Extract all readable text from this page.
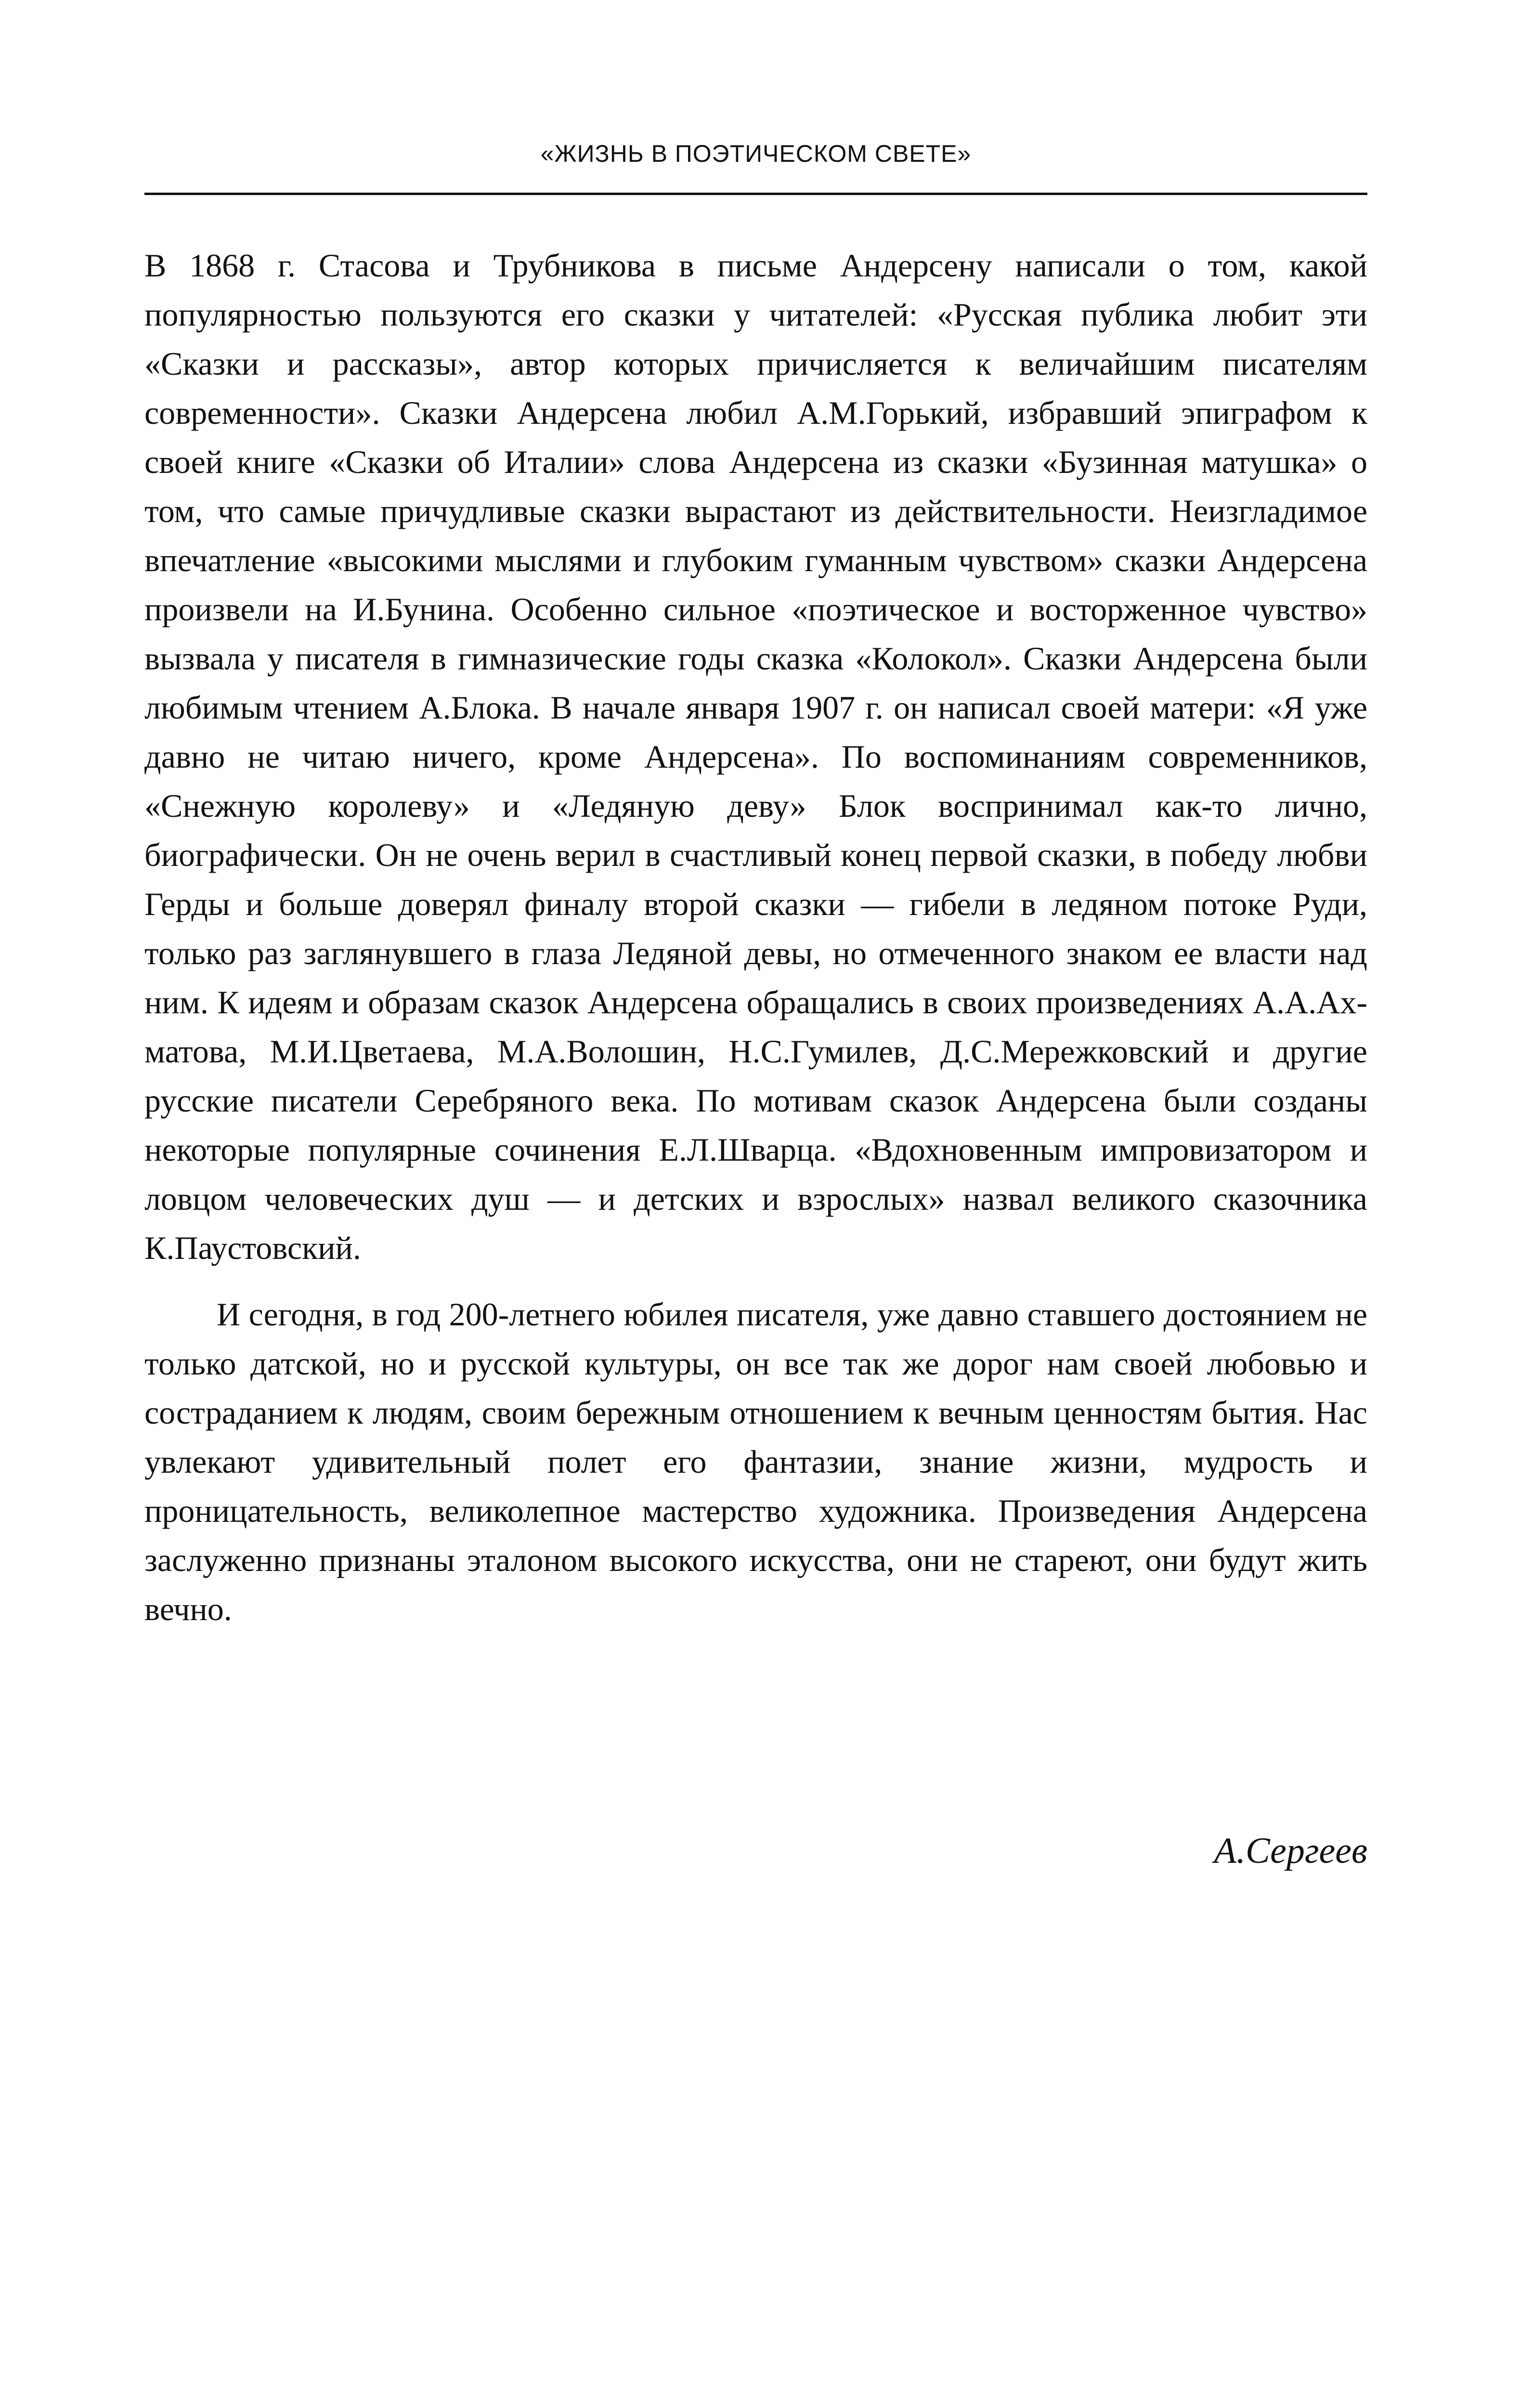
«ЖИЗНЬ В ПОЭТИЧЕСКОМ СВЕТЕ»

В 1868 г. Стасова и Трубникова в письме Андерсену написали о том, какой популярностью пользуются его сказки у читателей: «Русская публика любит эти «Сказки и рассказы», автор которых причисляется к величайшим писателям современности». Сказки Андерсена любил А.М.Горький, избравший эпиграфом к своей книге «Сказки об Италии» слова Андерсена из сказки «Бузинная матушка» о том, что самые причудливые сказки вырастают из действительности. Неизгладимое впечатление «высокими мыслями и глубоким гуманным чувством» сказки Андерсена произвели на И.Бунина. Особенно сильное «поэтическое и восторженное чувство» вызвала у писателя в гимназические годы сказка «Колокол». Сказки Андерсена были любимым чтением А.Блока. В начале января 1907 г. он написал своей матери: «Я уже давно не читаю ничего, кроме Андерсена». По воспоминаниям современников, «Снежную королеву» и «Ледяную деву» Блок воспринимал как-то лично, биографически. Он не очень верил в счастливый конец первой сказки, в победу любви Герды и больше доверял финалу второй сказки — гибели в ледяном потоке Руди, только раз заглянувшего в глаза Ледяной девы, но отмеченного знаком ее власти над ним. К идеям и образам сказок Андерсена обращались в своих произведениях А.А.Ахматова, М.И.Цветаева, М.А.Волошин, Н.С.Гумилев, Д.С.Мережковский и другие русские писатели Серебряного века. По мотивам сказок Андерсена были созданы некоторые популярные сочинения Е.Л.Шварца. «Вдохновенным импровизатором и ловцом человеческих душ — и детских и взрослых» назвал великого сказочника К.Паустовский.

И сегодня, в год 200-летнего юбилея писателя, уже давно ставшего достоянием не только датской, но и русской культуры, он все так же дорог нам своей любовью и состраданием к людям, своим бережным отношением к вечным ценностям бытия. Нас увлекают удивительный полет его фантазии, знание жизни, мудрость и проницательность, великолепное мастерство художника. Произведения Андерсена заслуженно признаны эталоном высокого искусства, они не стареют, они будут жить вечно.

А.Сергеев
